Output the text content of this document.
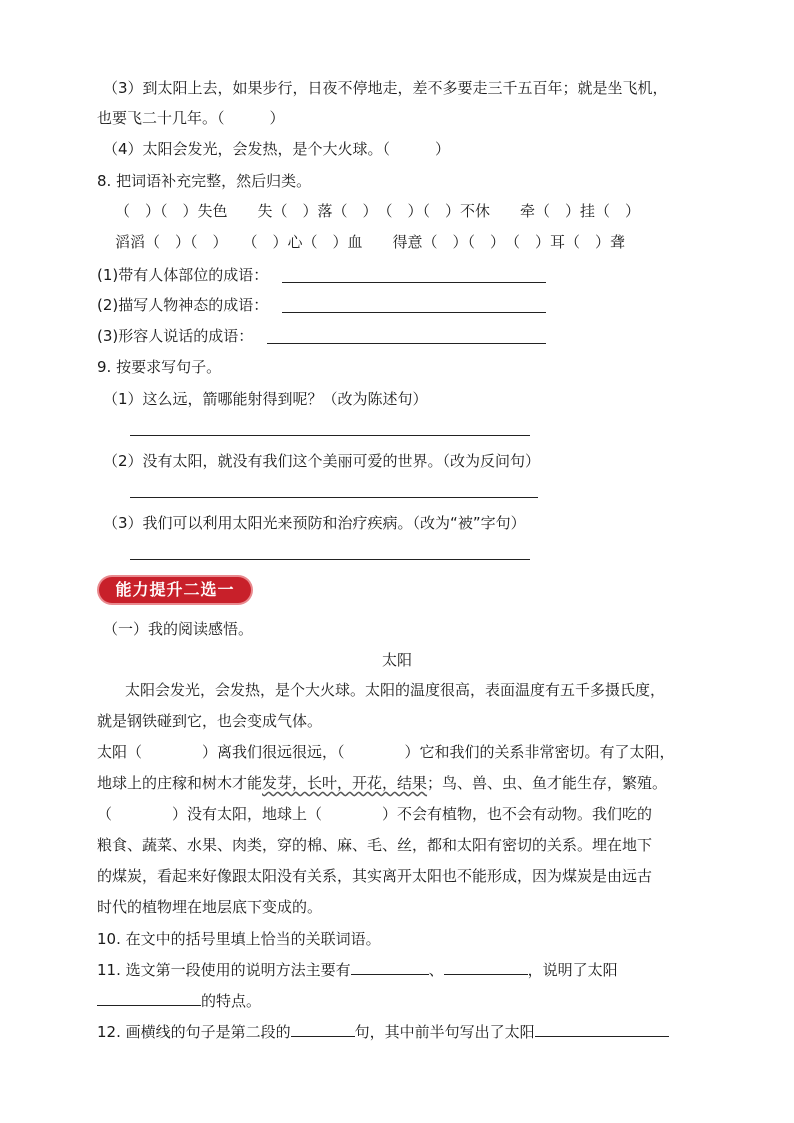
（3）到太阳上去，如果步行，日夜不停地走，差不多要走三千五百年；就是坐飞机，
也要飞二十几年。（　　　）
（4）太阳会发光，会发热，是个大火球。（　　　）
8. 把词语补充完整，然后归类。
（　）（　）失色　　失（　）落（　）　（　）（　）不休　　牵（　）挂（　）
滔滔（　）（　）　　（　）心（　）血　　得意（　）（　）　（　）耳（　）聋
(1)带有人体部位的成语：
(2)描写人物神态的成语：
(3)形容人说话的成语：
9. 按要求写句子。
（1）这么远，箭哪能射得到呢？（改为陈述句）
（2）没有太阳，就没有我们这个美丽可爱的世界。（改为反问句）
（3）我们可以利用太阳光来预防和治疗疾病。（改为“被”字句）
能力提升二选一
（一）我的阅读感悟。
太阳
太阳会发光，会发热，是个大火球。太阳的温度很高，表面温度有五千多摄氏度，
就是钢铁碰到它，也会变成气体。
太阳（　　　　）离我们很远很远，（　　　　）它和我们的关系非常密切。有了太阳，
地球上的庄稼和树木才能发芽，长叶，开花，结果；鸟、兽、虫、鱼才能生存，繁殖。
（　　　　）没有太阳，地球上（　　　　）不会有植物，也不会有动物。我们吃的
粮食、蔬菜、水果、肉类，穿的棉、麻、毛、丝，都和太阳有密切的关系。埋在地下
的煤炭，看起来好像跟太阳没有关系，其实离开太阳也不能形成，因为煤炭是由远古
时代的植物埋在地层底下变成的。
10. 在文中的括号里填上恰当的关联词语。
11. 选文第一段使用的说明方法主要有	、	，说明了太阳
的特点。
12. 画横线的句子是第二段的	句，其中前半句写出了太阳
